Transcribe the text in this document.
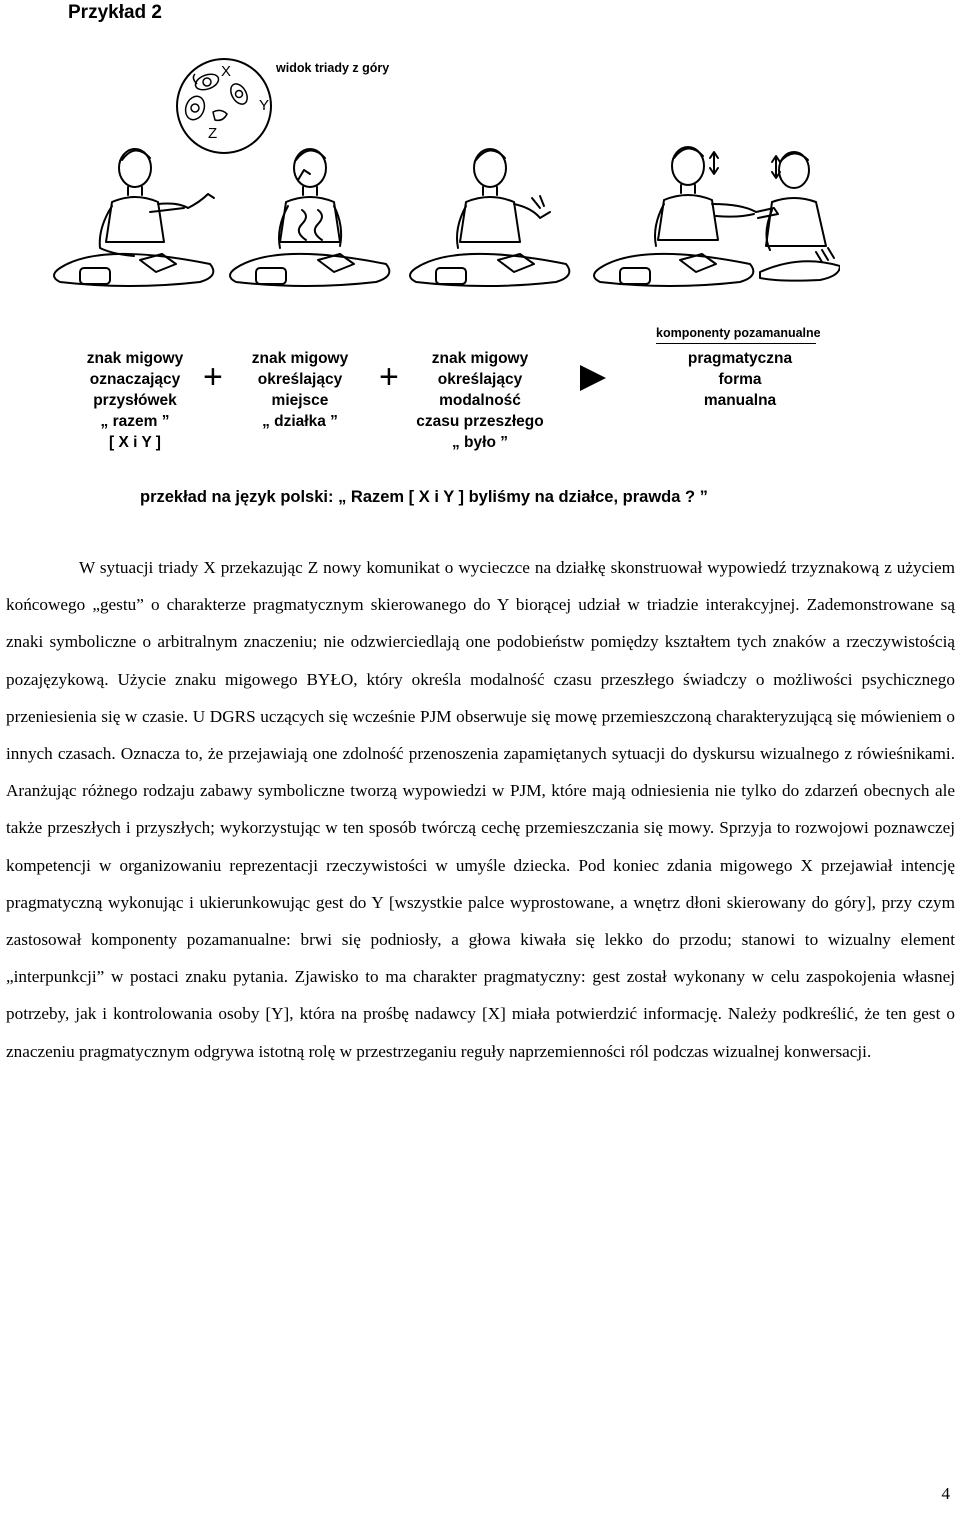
Przykład 2
X
Y
Z
widok triady z góry
znak migowy
oznaczający
przysłówek
„ razem ”
[ X i Y ]
+	znak migowy
określający
miejsce
„ działka ”
+	znak migowy
określający
modalność
czasu przeszłego
„ było ”
komponenty pozamanualne
pragmatyczna
forma
manualna
przekład na język polski: „ Razem [ X i Y ] byliśmy na działce, prawda ? ”

W sytuacji triady X przekazując Z nowy komunikat o wycieczce na działkę skonstruował wypowiedź trzyznakową z użyciem końcowego „gestu” o charakterze pragmatycznym skierowanego do Y biorącej udział w triadzie interakcyjnej. Zademonstrowane są znaki symboliczne o arbitralnym znaczeniu; nie odzwierciedlają one podobieństw pomiędzy kształtem tych znaków a rzeczywistością pozajęzykową. Użycie znaku migowego BYŁO, który określa modalność czasu przeszłego świadczy o możliwości psychicznego przeniesienia się w czasie. U DGRS uczących się wcześnie PJM obserwuje się mowę przemieszczoną charakteryzującą się mówieniem o innych czasach. Oznacza to, że przejawiają one zdolność przenoszenia zapamiętanych sytuacji do dyskursu wizualnego z rówieśnikami. Aranżując różnego rodzaju zabawy symboliczne tworzą wypowiedzi w PJM, które mają odniesienia nie tylko do zdarzeń obecnych ale także przeszłych i przyszłych; wykorzystując w ten sposób twórczą cechę przemieszczania się mowy. Sprzyja to rozwojowi poznawczej kompetencji w organizowaniu reprezentacji rzeczywistości w umyśle dziecka. Pod koniec zdania migowego X przejawiał intencję pragmatyczną wykonując i ukierunkowując gest do Y [wszystkie palce wyprostowane, a wnętrz dłoni skierowany do góry], przy czym zastosował komponenty pozamanualne: brwi się podniosły, a głowa kiwała się lekko do przodu; stanowi to wizualny element „interpunkcji” w postaci znaku pytania. Zjawisko to ma charakter pragmatyczny: gest został wykonany w celu zaspokojenia własnej potrzeby, jak i kontrolowania osoby [Y], która na prośbę nadawcy [X] miała potwierdzić informację. Należy podkreślić, że ten gest o znaczeniu pragmatycznym odgrywa istotną rolę w przestrzeganiu reguły naprzemienności ról podczas wizualnej konwersacji.

4
